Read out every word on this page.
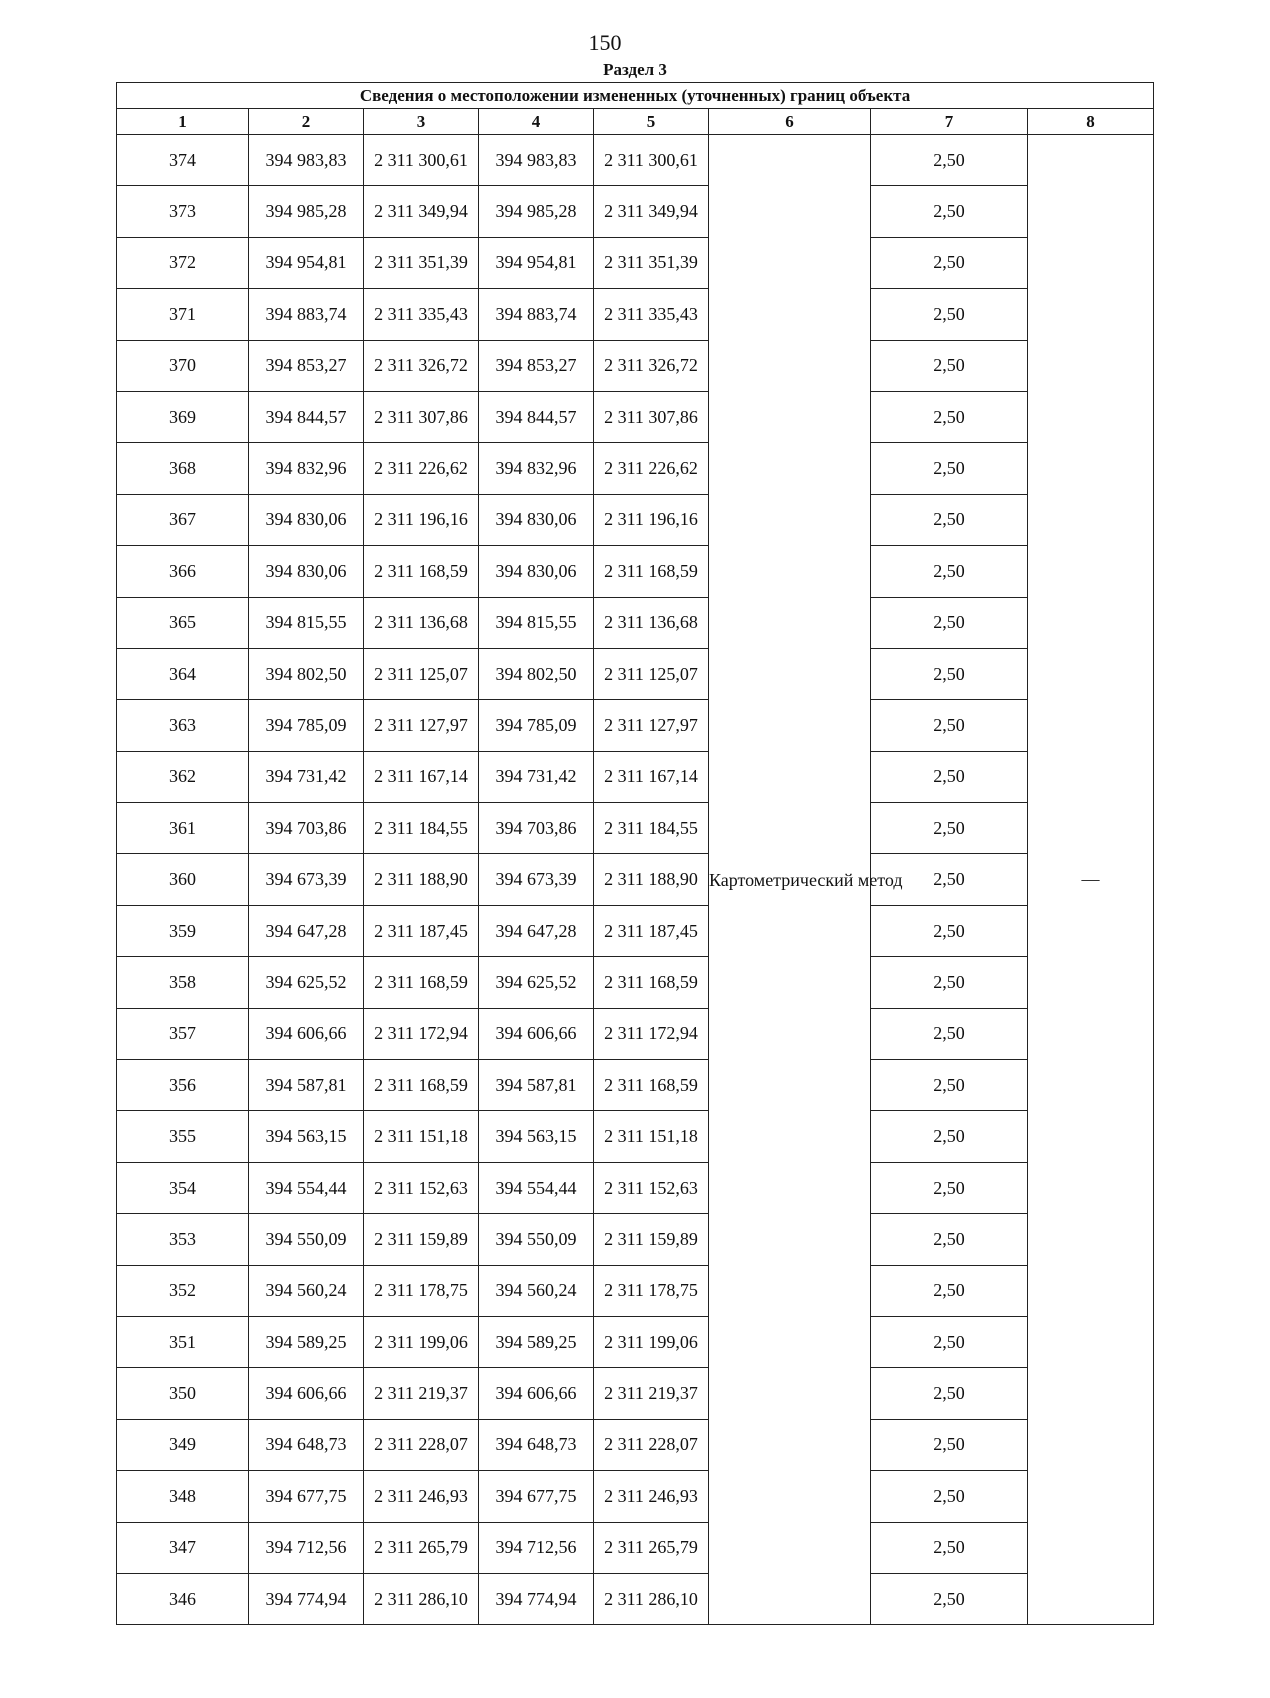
150
Раздел 3
Сведения о местоположении измененных (уточненных) границ объекта							
1	2	3	4	5	6	7	8
374	394 983,83	2 311 300,61	394 983,83	2 311 300,61	Картометрический метод	2,50	—
373	394 985,28	2 311 349,94	394 985,28	2 311 349,94		2,50	
372	394 954,81	2 311 351,39	394 954,81	2 311 351,39		2,50	
371	394 883,74	2 311 335,43	394 883,74	2 311 335,43		2,50	
370	394 853,27	2 311 326,72	394 853,27	2 311 326,72		2,50	
369	394 844,57	2 311 307,86	394 844,57	2 311 307,86		2,50	
368	394 832,96	2 311 226,62	394 832,96	2 311 226,62		2,50	
367	394 830,06	2 311 196,16	394 830,06	2 311 196,16		2,50	
366	394 830,06	2 311 168,59	394 830,06	2 311 168,59		2,50	
365	394 815,55	2 311 136,68	394 815,55	2 311 136,68		2,50	
364	394 802,50	2 311 125,07	394 802,50	2 311 125,07		2,50	
363	394 785,09	2 311 127,97	394 785,09	2 311 127,97		2,50	
362	394 731,42	2 311 167,14	394 731,42	2 311 167,14		2,50	
361	394 703,86	2 311 184,55	394 703,86	2 311 184,55		2,50	
360	394 673,39	2 311 188,90	394 673,39	2 311 188,90		2,50	
359	394 647,28	2 311 187,45	394 647,28	2 311 187,45		2,50	
358	394 625,52	2 311 168,59	394 625,52	2 311 168,59		2,50	
357	394 606,66	2 311 172,94	394 606,66	2 311 172,94		2,50	
356	394 587,81	2 311 168,59	394 587,81	2 311 168,59		2,50	
355	394 563,15	2 311 151,18	394 563,15	2 311 151,18		2,50	
354	394 554,44	2 311 152,63	394 554,44	2 311 152,63		2,50	
353	394 550,09	2 311 159,89	394 550,09	2 311 159,89		2,50	
352	394 560,24	2 311 178,75	394 560,24	2 311 178,75		2,50	
351	394 589,25	2 311 199,06	394 589,25	2 311 199,06		2,50	
350	394 606,66	2 311 219,37	394 606,66	2 311 219,37		2,50	
349	394 648,73	2 311 228,07	394 648,73	2 311 228,07		2,50	
348	394 677,75	2 311 246,93	394 677,75	2 311 246,93		2,50	
347	394 712,56	2 311 265,79	394 712,56	2 311 265,79		2,50	
346	394 774,94	2 311 286,10	394 774,94	2 311 286,10		2,50	
